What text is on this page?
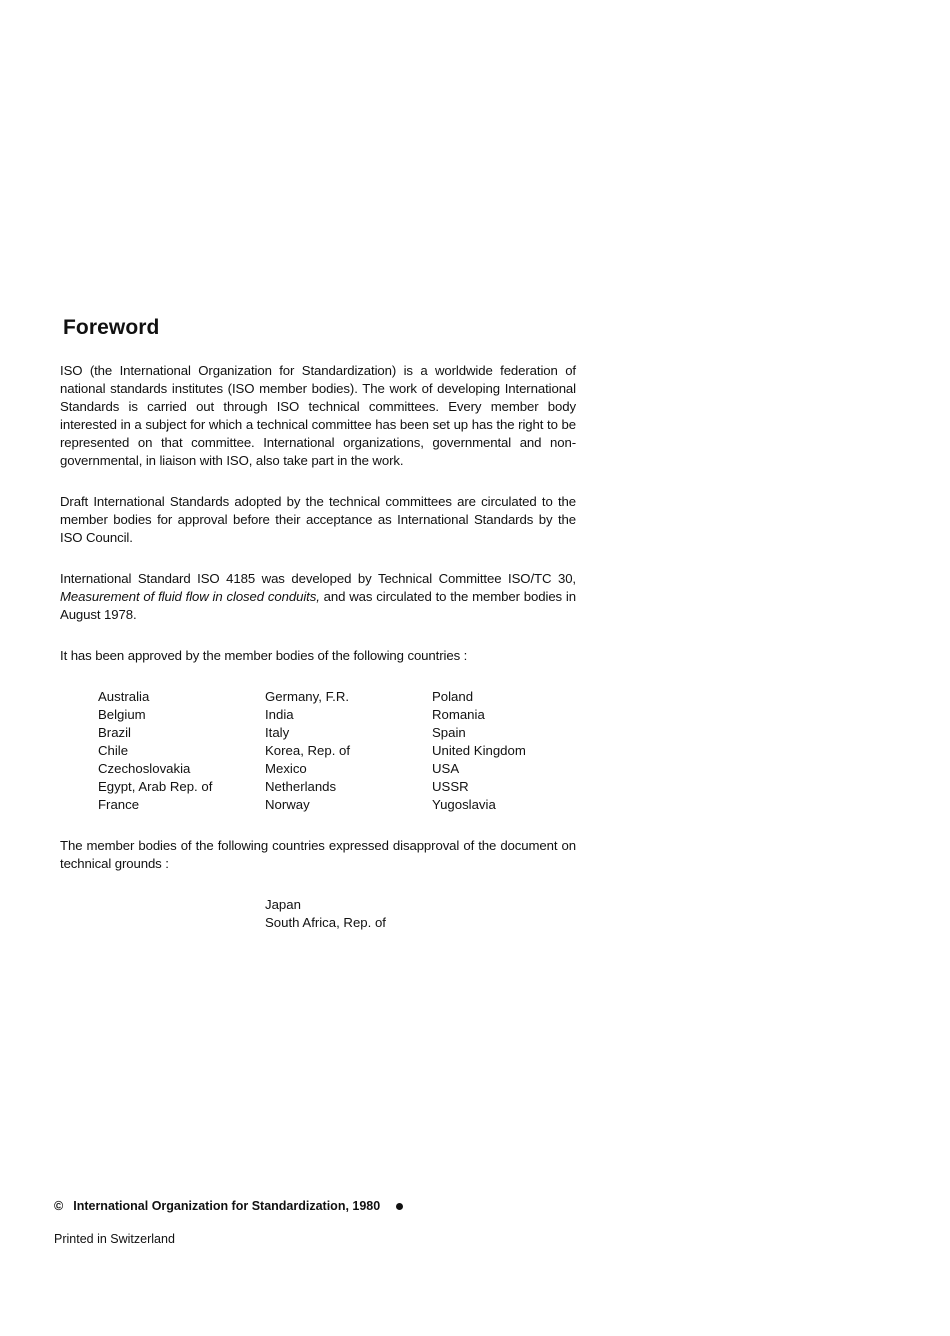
Foreword

ISO (the International Organization for Standardization) is a worldwide federation of national standards institutes (ISO member bodies). The work of developing International Standards is carried out through ISO technical committees. Every member body interested in a subject for which a technical committee has been set up has the right to be represented on that committee. International organizations, governmental and non-governmental, in liaison with ISO, also take part in the work.

Draft International Standards adopted by the technical committees are circulated to the member bodies for approval before their acceptance as International Standards by the ISO Council.

International Standard ISO 4185 was developed by Technical Committee ISO/TC 30, Measurement of fluid flow in closed conduits, and was circulated to the member bodies in August 1978.

It has been approved by the member bodies of the following countries :

Australia
Belgium
Brazil
Chile
Czechoslovakia
Egypt, Arab Rep. of
France
Germany, F.R.
India
Italy
Korea, Rep. of
Mexico
Netherlands
Norway
Poland
Romania
Spain
United Kingdom
USA
USSR
Yugoslavia

The member bodies of the following countries expressed disapproval of the document on technical grounds :

Japan
South Africa, Rep. of
© International Organization for Standardization, 1980
Printed in Switzerland
